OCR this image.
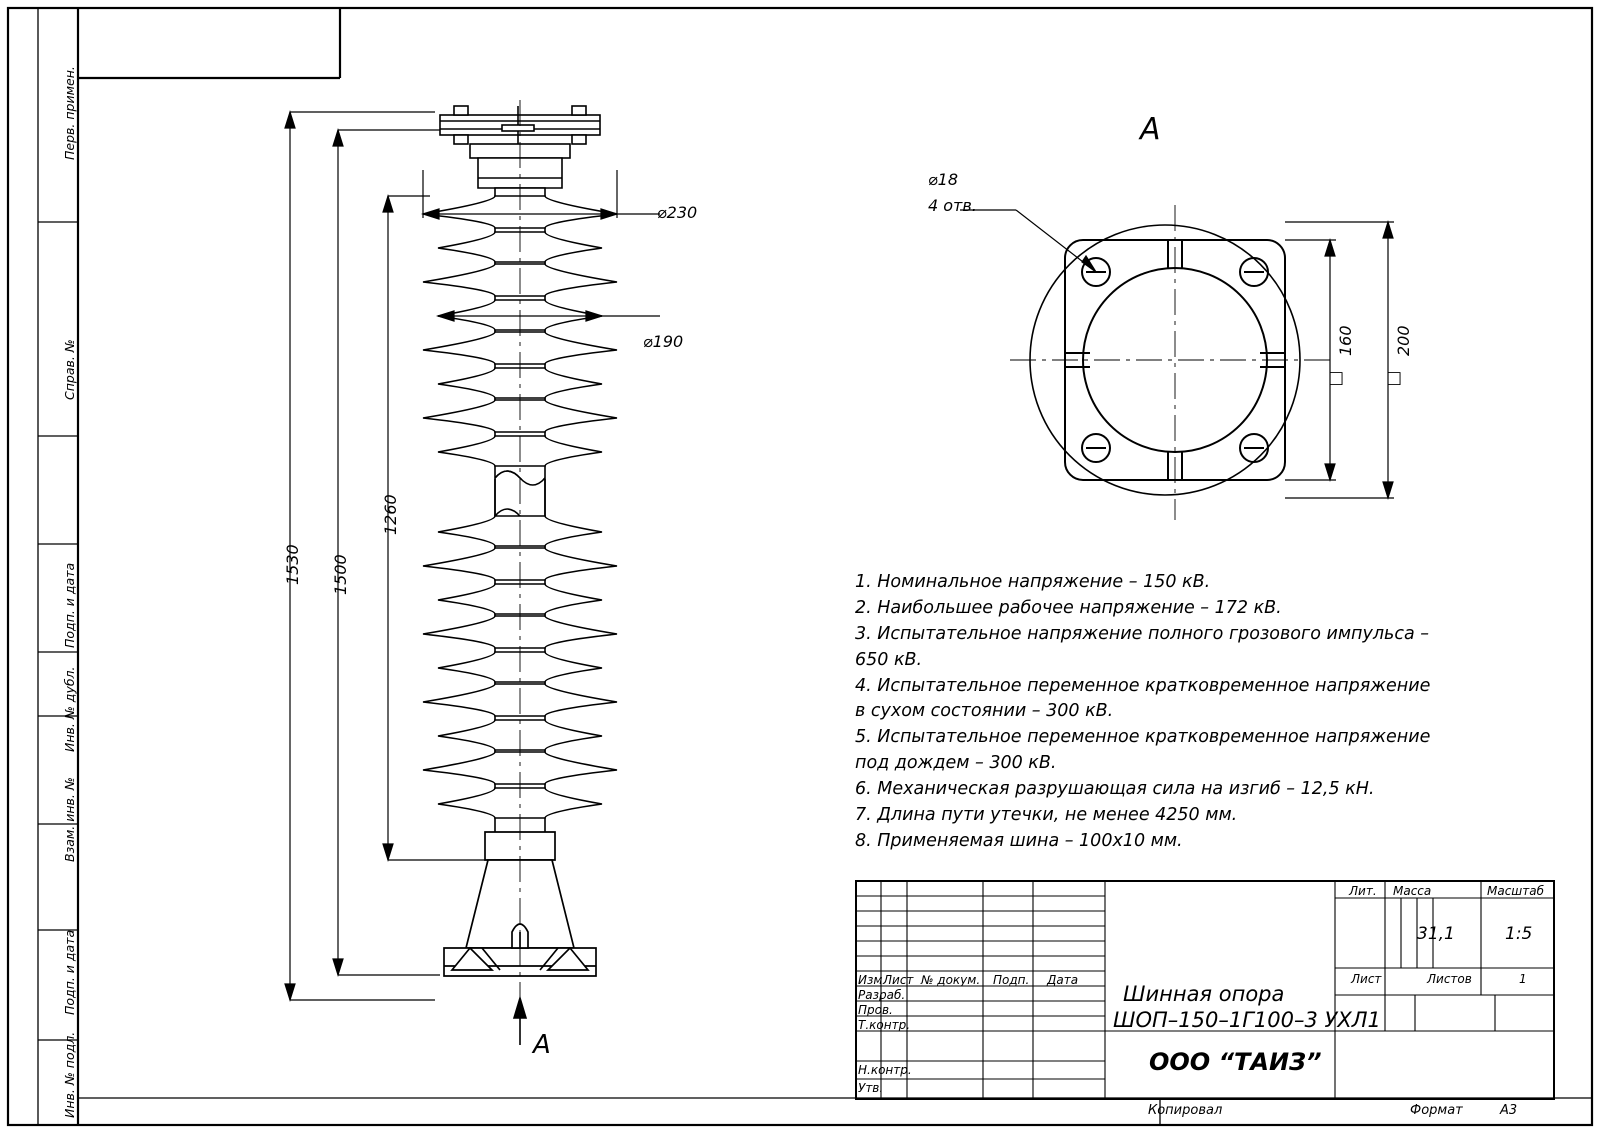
Перв. примен.
Справ. №
Подп. и дата
Инв. № дубл.
Взам. инв. №
Подп. и дата
Инв. № подл.
1530 1500
1260
⌀230
⌀190
A
A
⌀18
4 отв.
160 200
□ □
1. Номинальное напряжение – 150 кВ.
2. Наибольшее рабочее напряжение – 172 кВ.
3. Испытательное напряжение полного грозового импульса –
650 кВ.
4. Испытательное переменное кратковременное напряжение
в сухом состоянии – 300 кВ.
5. Испытательное переменное кратковременное напряжение
под дождем – 300 кВ.
6. Механическая разрушающая сила на изгиб – 12,5 кН.
7. Длина пути утечки, не менее 4250 мм.
8. Применяемая шина – 100х10 мм.
Изм Лист № докум. Подп. Дата
Разраб.
Пров.
Т.контр.
Н.контр.
Утв.
Шинная опора
ШОП–150–1Г100–3 УХЛ1
ООО “ТАИЗ”
Лит. Масса	Масштаб
31,1	1:5
Лист	Листов	1
Копировал	Формат	A3
